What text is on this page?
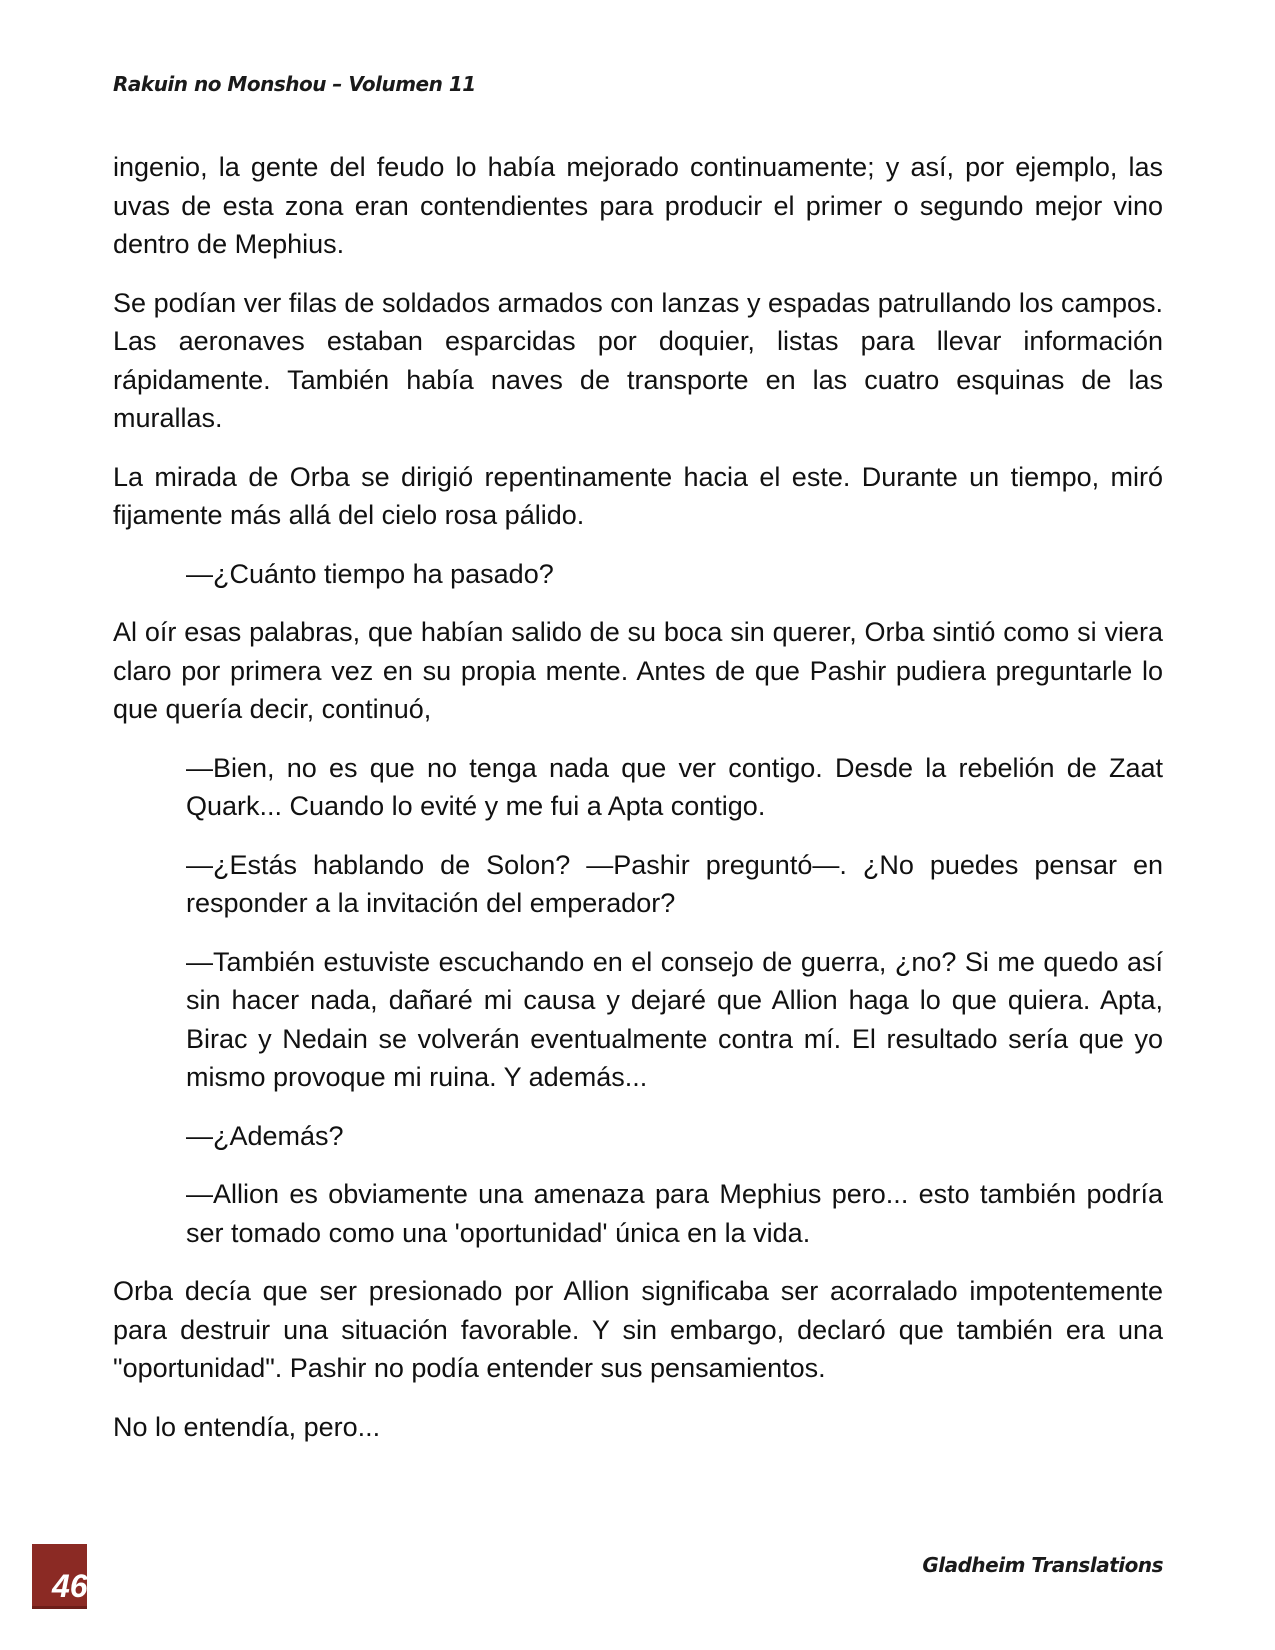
Rakuin no Monshou – Volumen 11

ingenio, la gente del feudo lo había mejorado continuamente; y así, por ejemplo, las uvas de esta zona eran contendientes para producir el primer o segundo mejor vino dentro de Mephius.

Se podían ver filas de soldados armados con lanzas y espadas patrullando los campos. Las aeronaves estaban esparcidas por doquier, listas para llevar información rápidamente. También había naves de transporte en las cuatro esquinas de las murallas.

La mirada de Orba se dirigió repentinamente hacia el este. Durante un tiempo, miró fijamente más allá del cielo rosa pálido.

—¿Cuánto tiempo ha pasado?

Al oír esas palabras, que habían salido de su boca sin querer, Orba sintió como si viera claro por primera vez en su propia mente. Antes de que Pashir pudiera preguntarle lo que quería decir, continuó,

—Bien, no es que no tenga nada que ver contigo. Desde la rebelión de Zaat Quark... Cuando lo evité y me fui a Apta contigo.

—¿Estás hablando de Solon? —Pashir preguntó—. ¿No puedes pensar en responder a la invitación del emperador?

—También estuviste escuchando en el consejo de guerra, ¿no? Si me quedo así sin hacer nada, dañaré mi causa y dejaré que Allion haga lo que quiera. Apta, Birac y Nedain se volverán eventualmente contra mí. El resultado sería que yo mismo provoque mi ruina. Y además...

—¿Además?

—Allion es obviamente una amenaza para Mephius pero... esto también podría ser tomado como una 'oportunidad' única en la vida.

Orba decía que ser presionado por Allion significaba ser acorralado impotentemente para destruir una situación favorable. Y sin embargo, declaró que también era una "oportunidad". Pashir no podía entender sus pensamientos.

No lo entendía, pero...

46
Gladheim Translations
